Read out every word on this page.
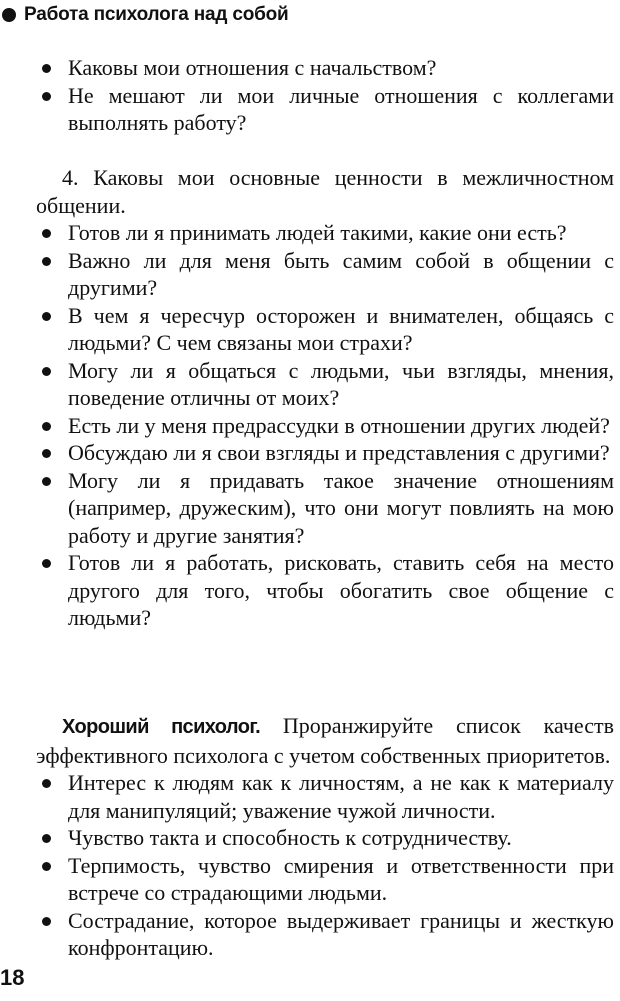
Работа психолога над собой
Каковы мои отношения с начальством?
Не мешают ли мои личные отношения с коллегами выполнять работу?

4. Каковы мои основные ценности в межличностном общении.

Готов ли я принимать людей такими, какие они есть?
Важно ли для меня быть самим собой в общении с другими?
В чем я чересчур осторожен и внимателен, общаясь с людьми? С чем связаны мои страхи?
Могу ли я общаться с людьми, чьи взгляды, мнения, поведение отличны от моих?
Есть ли у меня предрассудки в отношении других людей?
Обсуждаю ли я свои взгляды и представления с другими?
Могу ли я придавать такое значение отношениям (например, дружеским), что они могут повлиять на мою работу и другие занятия?
Готов ли я работать, рисковать, ставить себя на место другого для того, чтобы обогатить свое общение с людьми?

Хороший психолог. Проранжируйте список качеств эффективного психолога с учетом собственных приоритетов.

Интерес к людям как к личностям, а не как к материалу для манипуляций; уважение чужой личности.
Чувство такта и способность к сотрудничеству.
Терпимость, чувство смирения и ответственности при встрече со страдающими людьми.
Сострадание, которое выдерживает границы и жесткую конфронтацию.
18
